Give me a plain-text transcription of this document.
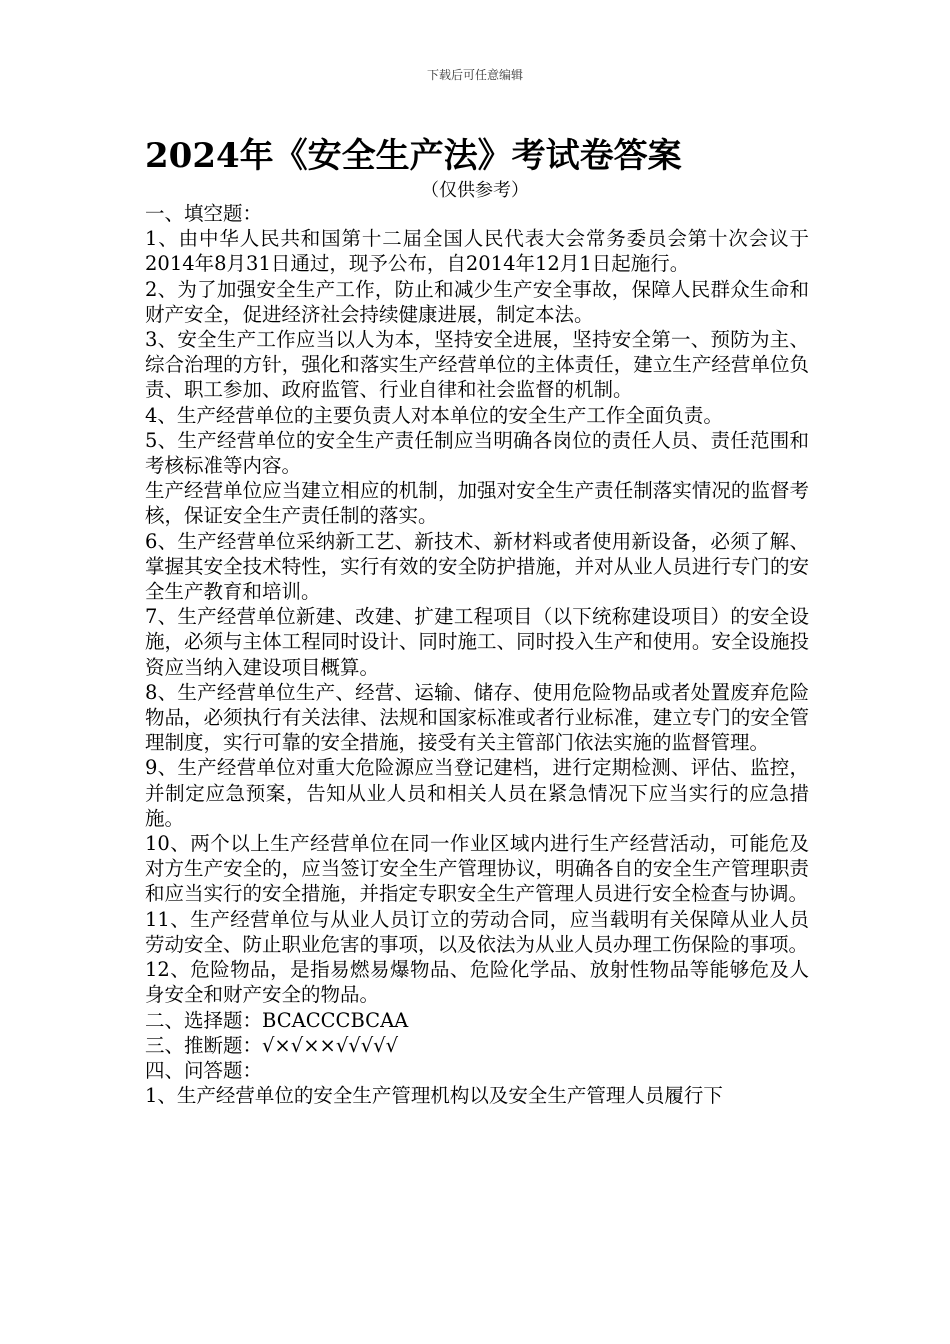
下载后可任意编辑
2024年《安全生产法》考试卷答案
（仅供参考）

一、填空题：

1、由中华人民共和国第十二届全国人民代表大会常务委员会第十次会议于2014年8月31日通过，现予公布，自2014年12月1日起施行。

2、为了加强安全生产工作，防止和减少生产安全事故，保障人民群众生命和财产安全，促进经济社会持续健康进展，制定本法。

3、安全生产工作应当以人为本，坚持安全进展，坚持安全第一、预防为主、综合治理的方针，强化和落实生产经营单位的主体责任，建立生产经营单位负责、职工参加、政府监管、行业自律和社会监督的机制。

4、生产经营单位的主要负责人对本单位的安全生产工作全面负责。

5、生产经营单位的安全生产责任制应当明确各岗位的责任人员、责任范围和考核标准等内容。

生产经营单位应当建立相应的机制，加强对安全生产责任制落实情况的监督考核，保证安全生产责任制的落实。

6、生产经营单位采纳新工艺、新技术、新材料或者使用新设备，必须了解、掌握其安全技术特性，实行有效的安全防护措施，并对从业人员进行专门的安全生产教育和培训。

7、生产经营单位新建、改建、扩建工程项目（以下统称建设项目）的安全设施，必须与主体工程同时设计、同时施工、同时投入生产和使用。安全设施投资应当纳入建设项目概算。

8、生产经营单位生产、经营、运输、储存、使用危险物品或者处置废弃危险物品，必须执行有关法律、法规和国家标准或者行业标准，建立专门的安全管理制度，实行可靠的安全措施，接受有关主管部门依法实施的监督管理。

9、生产经营单位对重大危险源应当登记建档，进行定期检测、评估、监控，并制定应急预案，告知从业人员和相关人员在紧急情况下应当实行的应急措施。

10、两个以上生产经营单位在同一作业区域内进行生产经营活动，可能危及对方生产安全的，应当签订安全生产管理协议，明确各自的安全生产管理职责和应当实行的安全措施，并指定专职安全生产管理人员进行安全检查与协调。

11、生产经营单位与从业人员订立的劳动合同，应当载明有关保障从业人员劳动安全、防止职业危害的事项，以及依法为从业人员办理工伤保险的事项。

12、危险物品，是指易燃易爆物品、危险化学品、放射性物品等能够危及人身安全和财产安全的物品。

二、选择题：BCACCCBCAA

三、推断题：√×√××√√√√√

四、问答题：

1、生产经营单位的安全生产管理机构以及安全生产管理人员履行下
